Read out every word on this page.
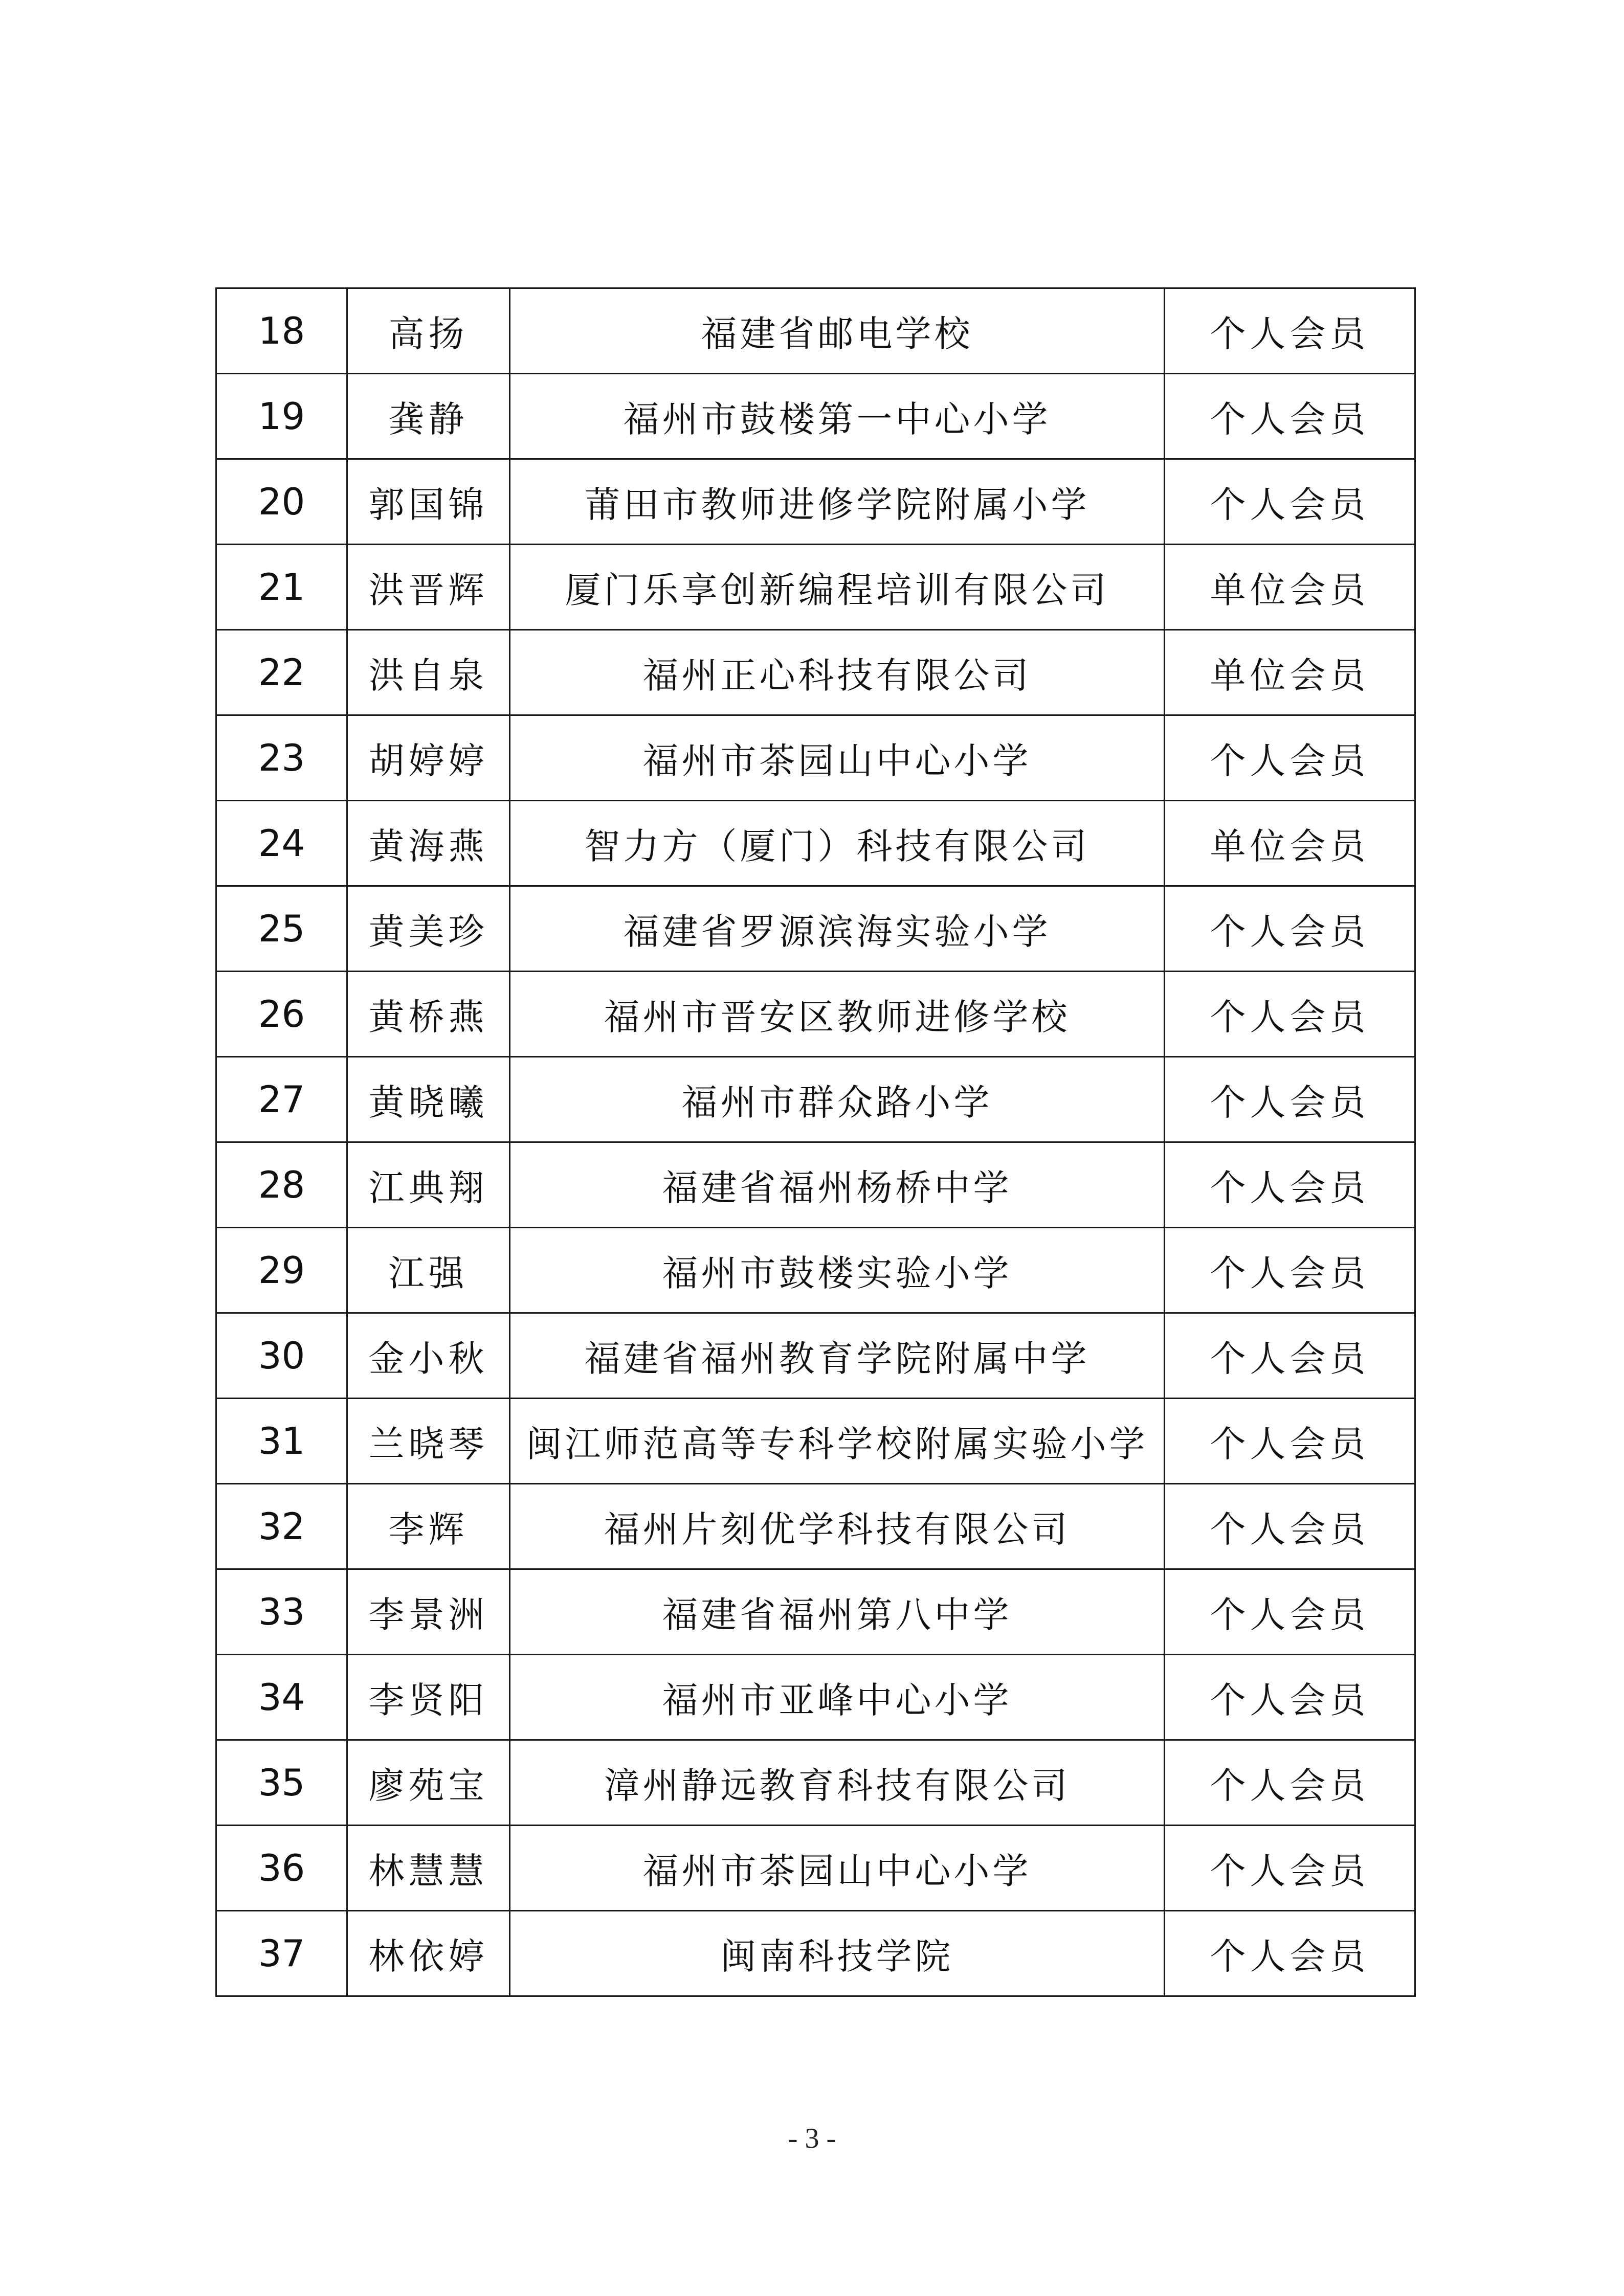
18	高扬	福建省邮电学校	个人会员
19	龚静	福州市鼓楼第一中心小学	个人会员
20	郭国锦	莆田市教师进修学院附属小学	个人会员
21	洪晋辉	厦门乐享创新编程培训有限公司	单位会员
22	洪自泉	福州正心科技有限公司	单位会员
23	胡婷婷	福州市茶园山中心小学	个人会员
24	黄海燕	智力方（厦门）科技有限公司	单位会员
25	黄美珍	福建省罗源滨海实验小学	个人会员
26	黄桥燕	福州市晋安区教师进修学校	个人会员
27	黄晓曦	福州市群众路小学	个人会员
28	江典翔	福建省福州杨桥中学	个人会员
29	江强	福州市鼓楼实验小学	个人会员
30	金小秋	福建省福州教育学院附属中学	个人会员
31	兰晓琴	闽江师范高等专科学校附属实验小学	个人会员
32	李辉	福州片刻优学科技有限公司	个人会员
33	李景洲	福建省福州第八中学	个人会员
34	李贤阳	福州市亚峰中心小学	个人会员
35	廖苑宝	漳州静远教育科技有限公司	个人会员
36	林慧慧	福州市茶园山中心小学	个人会员
37	林依婷	闽南科技学院	个人会员
- 3 -
